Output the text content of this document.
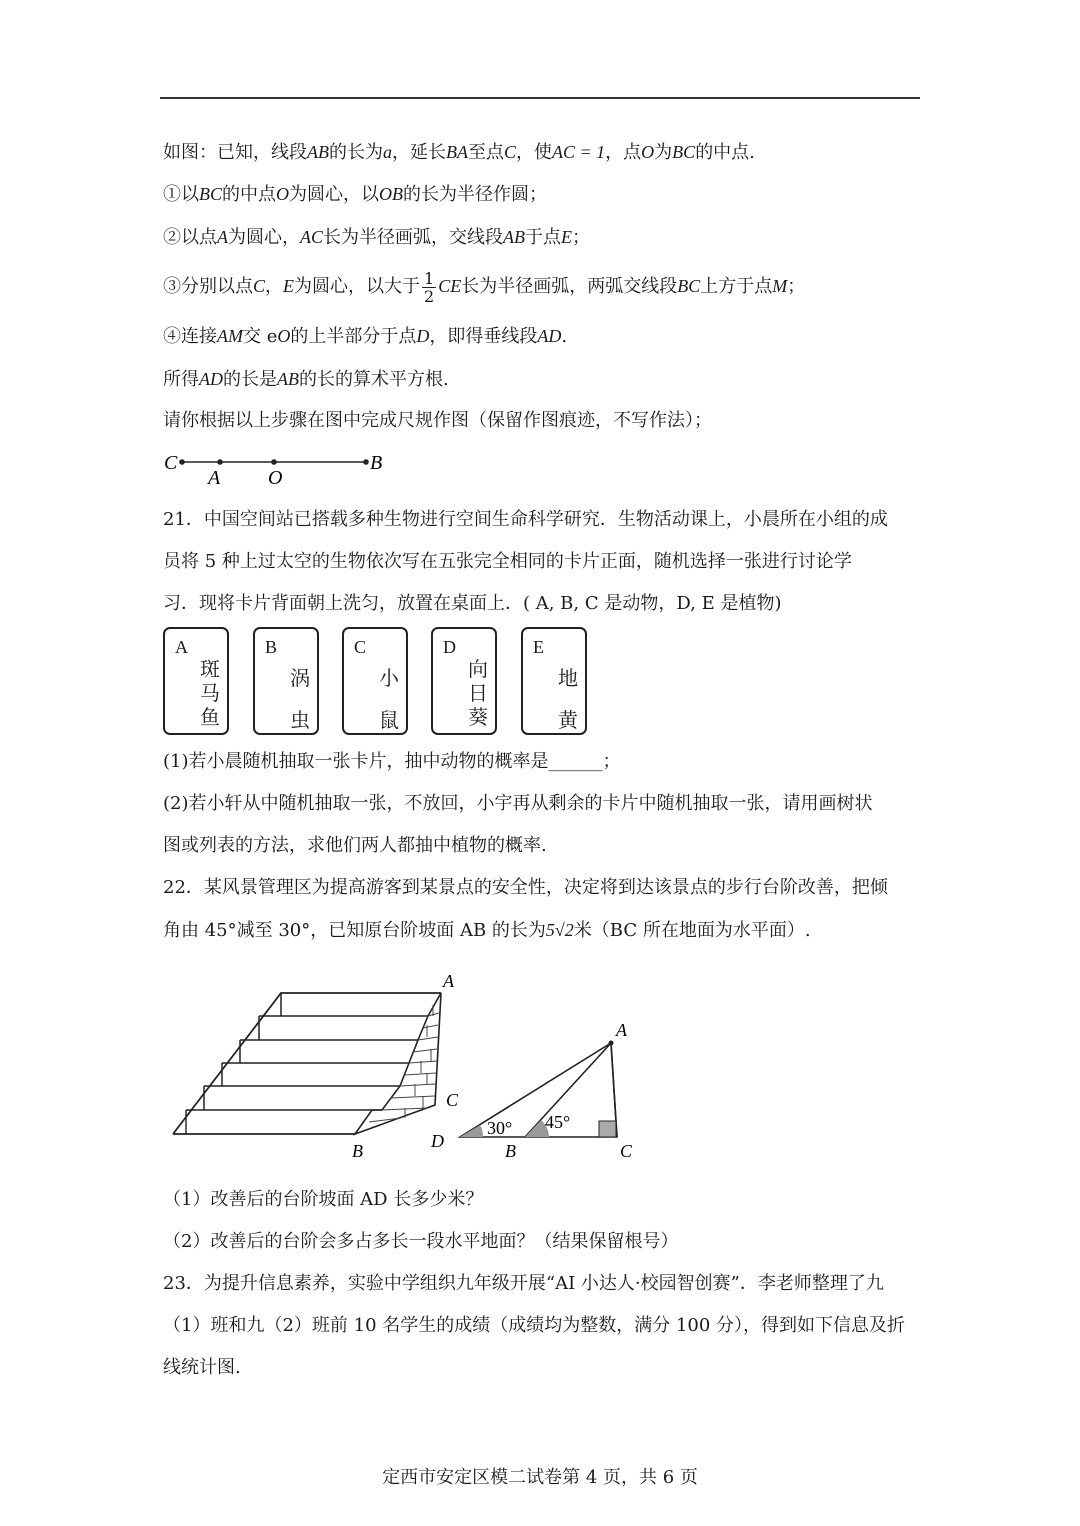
如图：已知，线段AB的长为a，延长BA至点C，使AC = 1，点O为BC的中点.
①以BC的中点O为圆心，以OB的长为半径作圆；
②以点A为圆心，AC长为半径画弧，交线段AB于点E；
③分别以点C，E为圆心，以大于 $\frac{1}{2}$ CE长为半径画弧，两弧交线段BC上方于点M；
④连接AM交 eO的上半部分于点D，即得垂线段AD.
所得AD的长是AB的长的算术平方根.
请你根据以上步骤在图中完成尺规作图（保留作图痕迹，不写作法）；
C
A O
B
21．中国空间站已搭载多种生物进行空间生命科学研究．生物活动课上，小晨所在小组的成
员将 5 种上过太空的生物依次写在五张完全相同的卡片正面，随机选择一张进行讨论学
习．现将卡片背面朝上洗匀，放置在桌面上．( A, B, C 是动物，D, E 是植物)
A
斑马鱼
B
涡虫
C
小鼠
D
向日葵
E
地黄
(1)若小晨随机抽取一张卡片，抽中动物的概率是______；
(2)若小轩从中随机抽取一张，不放回，小宇再从剩余的卡片中随机抽取一张，请用画树状
图或列表的方法，求他们两人都抽中植物的概率.
22．某风景管理区为提高游客到某景点的安全性，决定将到达该景点的步行台阶改善，把倾
角由 45°减至 30°，已知原台阶坡面 AB 的长为5√2米（BC 所在地面为水平面）.
A
C
B
30° 45°
A
D	B	C
（1）改善后的台阶坡面 AD 长多少米？
（2）改善后的台阶会多占多长一段水平地面？（结果保留根号）
23．为提升信息素养，实验中学组织九年级开展“AI 小达人·校园智创赛”．李老师整理了九
（1）班和九（2）班前 10 名学生的成绩（成绩均为整数，满分 100 分），得到如下信息及折
线统计图.
定西市安定区模二试卷第 4 页，共 6 页
